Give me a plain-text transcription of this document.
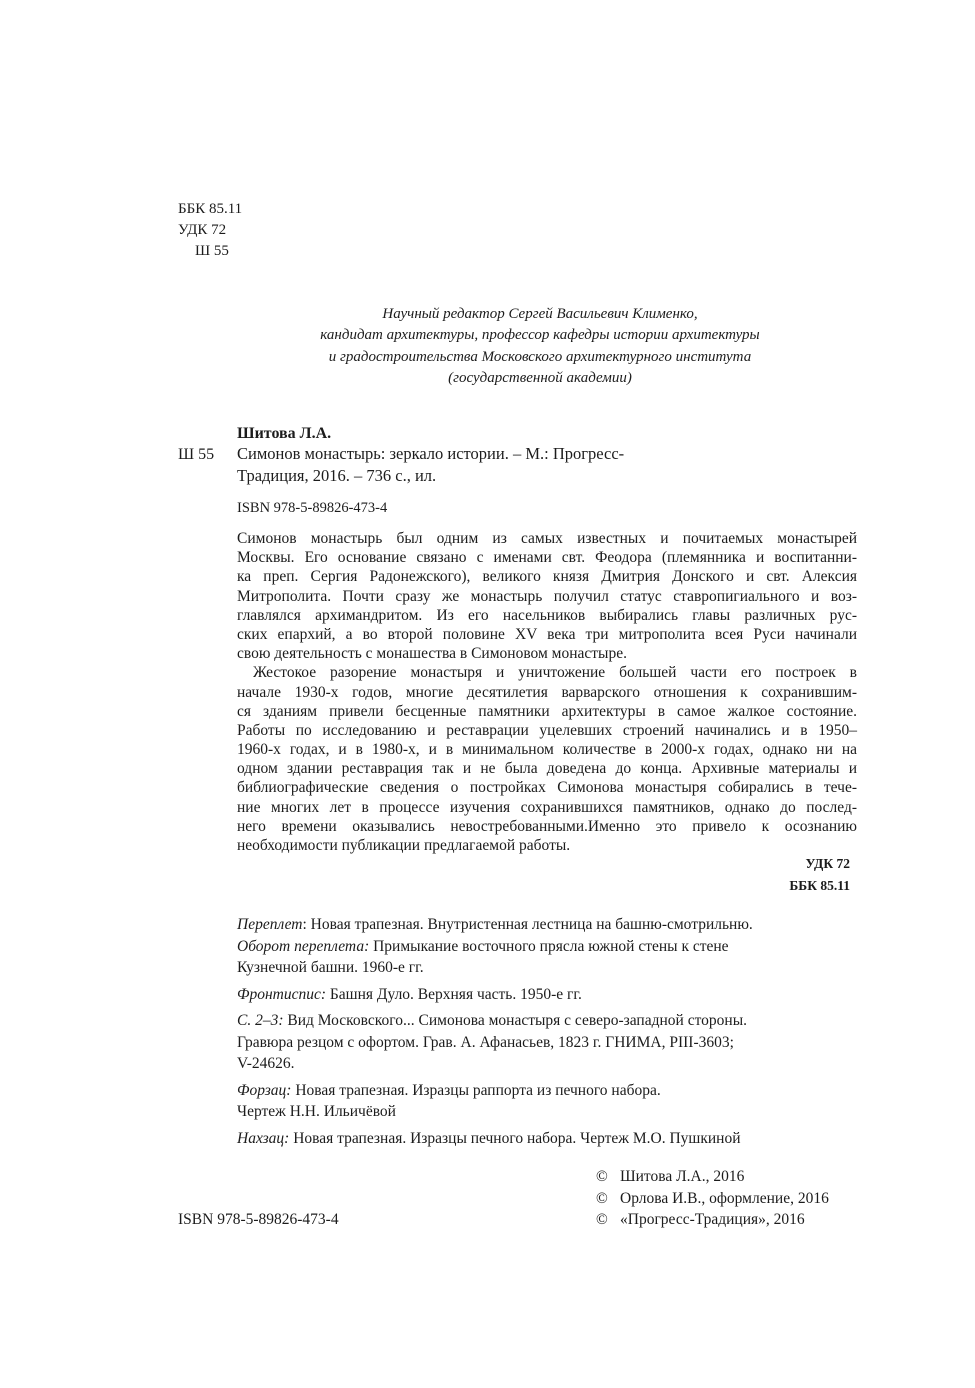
ББК 85.11
УДК 72
Ш 55
Научный редактор Сергей Васильевич Клименко,
кандидат архитектуры, профессор кафедры истории архитектуры
и градостроительства Московского архитектурного института
(государственной академии)
Шитова Л.А.
Ш 55 Симонов монастырь: зеркало истории. – М.: Прогресс-
Традиция, 2016. – 736 с., ил.
ISBN 978-5-89826-473-4
Симонов монастырь был одним из самых известных и почитаемых монастырей
Москвы. Его основание связано с именами свт. Феодора (племянника и воспитанни-
ка преп. Сергия Радонежского), великого князя Дмитрия Донского и свт. Алексия
Митрополита. Почти сразу же монастырь получил статус ставропигиального и воз-
главлялся архимандритом. Из его насельников выбирались главы различных рус-
ских епархий, а во второй половине XV века три митрополита всея Руси начинали
свою деятельность с монашества в Симоновом монастыре.
Жестокое разорение монастыря и уничтожение большей части его построек в
начале 1930-х годов, многие десятилетия варварского отношения к сохранившим-
ся зданиям привели бесценные памятники архитектуры в самое жалкое состояние.
Работы по исследованию и реставрации уцелевших строений начинались и в 1950–
1960-х годах, и в 1980-х, и в минимальном количестве в 2000-х годах, однако ни на
одном здании реставрация так и не была доведена до конца. Архивные материалы и
библиографические сведения о постройках Симонова монастыря собирались в тече-
ние многих лет в процессе изучения сохранившихся памятников, однако до послед-
него времени оказывались невостребованными.Именно это привело к осознанию
необходимости публикации предлагаемой работы.
УДК 72
ББК 85.11
Переплет: Новая трапезная. Внутристенная лестница на башню-смотрильню.
Оборот переплета: Примыкание восточного прясла южной стены к стене
Кузнечной башни. 1960-е гг.
Фронтиспис: Башня Дуло. Верхняя часть. 1950-е гг.
С. 2–3: Вид Московского... Симонова монастыря с северо-западной стороны.
Гравюра резцом с офортом. Грав. А. Афанасьев, 1823 г. ГНИМА, РIII-3603;
V-24626.
Форзац: Новая трапезная. Изразцы раппорта из печного набора.
Чертеж Н.Н. Ильичёвой
Нахзац: Новая трапезная. Изразцы печного набора. Чертеж М.О. Пушкиной
© Шитова Л.А., 2016
© Орлова И.В., оформление, 2016
© «Прогресс-Традиция», 2016
ISBN 978-5-89826-473-4
